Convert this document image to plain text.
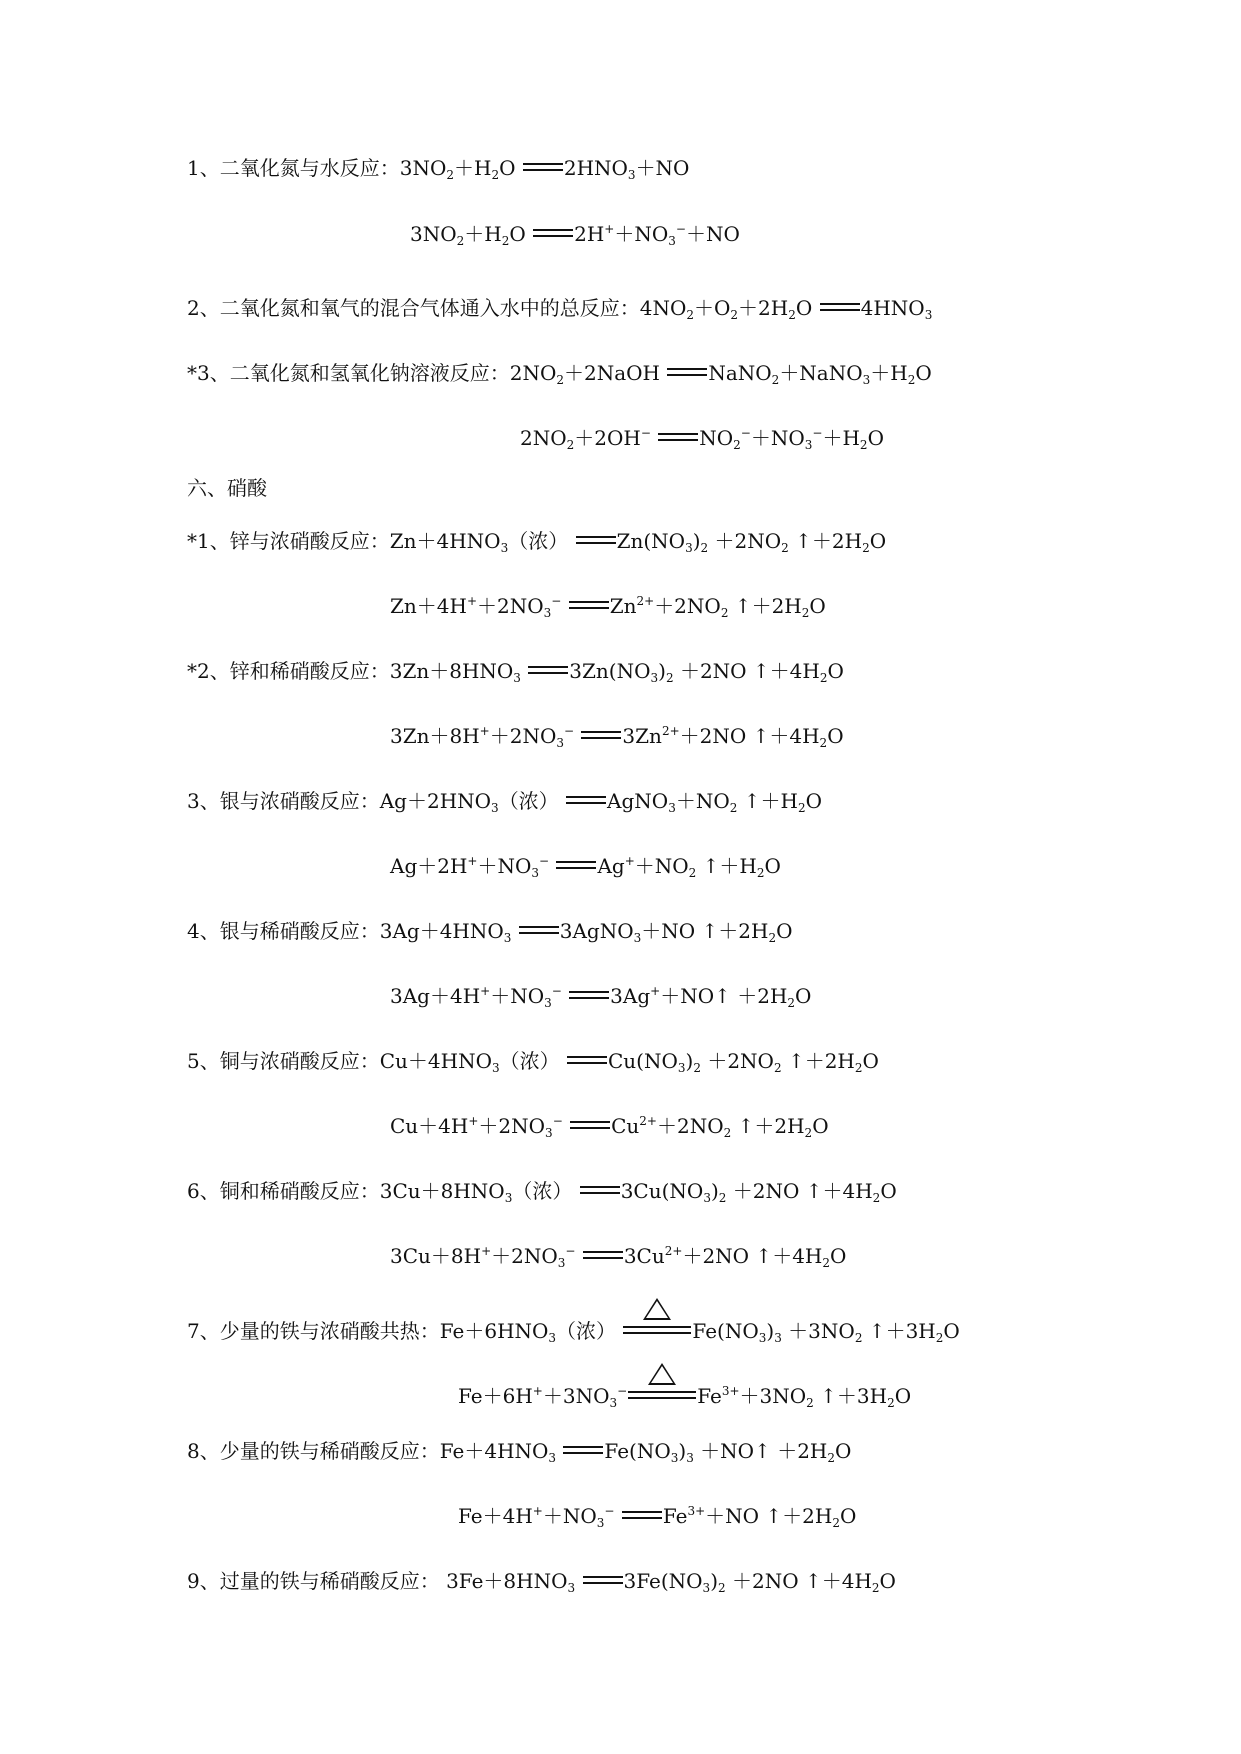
1、二氧化氮与水反应：$3NO_2+H_2O$ $2HNO_3+NO$
$3NO_2+H_2O$ $2H^++NO_3^-+NO$
2、二氧化氮和氧气的混合气体通入水中的总反应：$4NO_2+O_2+2H_2O$ $4HNO_3$
*3、二氧化氮和氢氧化钠溶液反应：$2NO_2+2NaOH$ $NaNO_2+NaNO_3+H_2O$
$2NO_2+2OH^-$ $NO_2^-+NO_3^-+H_2O$
六、硝酸
*1、锌与浓硝酸反应：$Zn+4HNO_3$（浓） $Zn(NO_3)_2 +2NO_2$ $↑+2H_2O$
$Zn+4H^++2NO_3^-$ $Zn^{2+}+2NO_2$ $↑+2H_2O$
*2、锌和稀硝酸反应：$3Zn+8HNO_3$ $3Zn(NO_3)_2 +2NO$ $↑+4H_2O$
$3Zn+8H^++2NO_3^-$ $3Zn^{2+}+2NO$ $↑+4H_2O$
3、银与浓硝酸反应：$Ag+2HNO_3$（浓） $AgNO_3+NO_2$ $↑+H_2O$
$Ag+2H^++NO_3^-$ $Ag^++NO_2$ $↑+H_2O$
4、银与稀硝酸反应：$3Ag+4HNO_3$ 3AgNO$_3$＋NO $↑+2H_2O$
$3Ag+4H^++NO_3^-$ 3Ag+＋NO↑ $+2H_2O$
5、铜与浓硝酸反应：$Cu+4HNO_3$（浓） $Cu(NO_3)_2 +2NO_2$ $↑+2H_2O$
$Cu+4H^++2NO_3^-$ $Cu^{2+}+2NO_2$ $↑+2H_2O$
6、铜和稀硝酸反应：$3Cu+8HNO_3$（浓） $3Cu(NO_3)_2 +2NO$ $↑+4H_2O$
$3Cu+8H^++2NO_3^-$ $3Cu^{2+}+2NO$ $↑+4H_2O$
7、少量的铁与浓硝酸共热：$Fe+6HNO_3$（浓）	$Fe(NO_3)_3 +3NO_2$ $↑+3H_2O$
$Fe+6H^++3NO_3^-$	$Fe^{3+}+3NO_2$ $↑+3H_2O$
8、少量的铁与稀硝酸反应：$Fe+4HNO_3$ $Fe(NO_3)_3$ ＋NO↑ $+2H_2O$
$Fe+4H^++NO_3^-$ $Fe^{3+}+NO$ $↑+2H_2O$
9、过量的铁与稀硝酸反应： $3Fe+8HNO_3$ $3Fe(NO_3)_2 +2NO$ $↑+4H_2O$
